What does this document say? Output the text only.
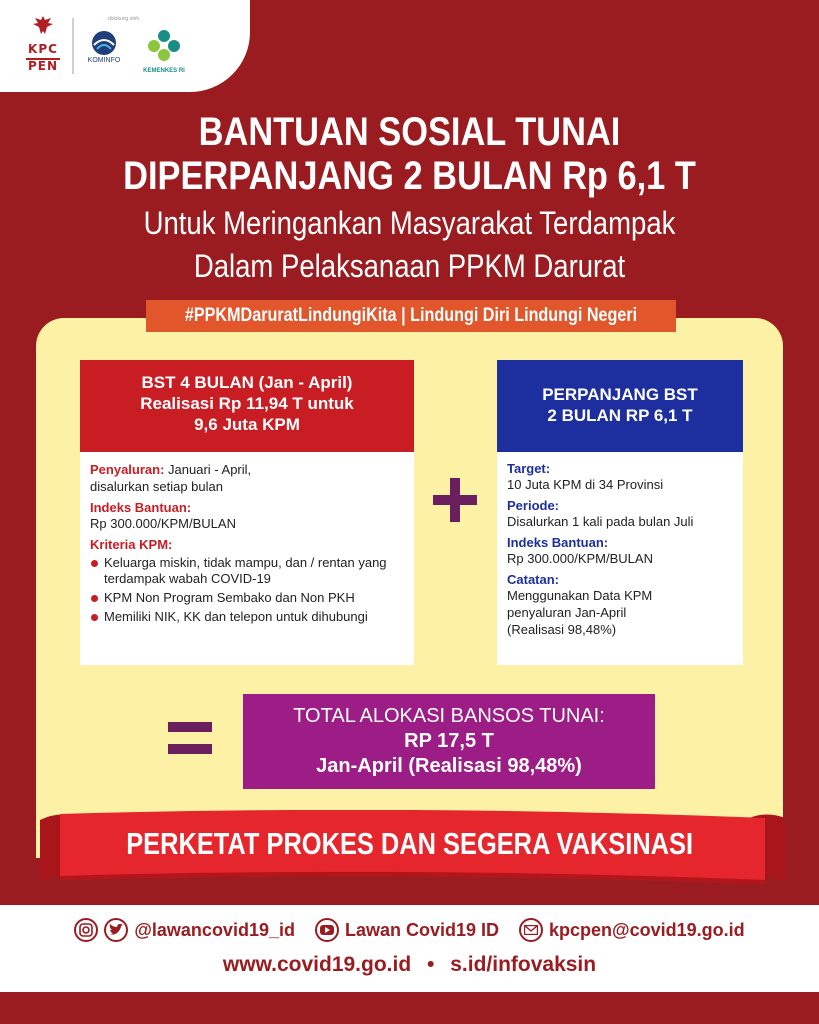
KPC
PEN
didukung oleh
KOMINFO
KEMENKES RI
BANTUAN SOSIAL TUNAI
DIPERPANJANG 2 BULAN Rp 6,1 T
Untuk Meringankan Masyarakat Terdampak
Dalam Pelaksanaan PPKM Darurat
#PPKMDaruratLindungiKita | Lindungi Diri Lindungi Negeri
BST 4 BULAN (Jan - April)
Realisasi Rp 11,94 T untuk
9,6 Juta KPM
Penyaluran: Januari - April,
disalurkan setiap bulan
Indeks Bantuan:
Rp 300.000/KPM/BULAN
Kriteria KPM:
Keluarga miskin, tidak mampu, dan / rentan yang terdampak wabah COVID-19
KPM Non Program Sembako dan Non PKH
Memiliki NIK, KK dan telepon untuk dihubungi
PERPANJANG BST
2 BULAN RP 6,1 T
Target:
10 Juta KPM di 34 Provinsi
Periode:
Disalurkan 1 kali pada bulan Juli
Indeks Bantuan:
Rp 300.000/KPM/BULAN
Catatan:
Menggunakan Data KPM
penyaluran Jan-April
(Realisasi 98,48%)
TOTAL ALOKASI BANSOS TUNAI:
RP 17,5 T
Jan-April (Realisasi 98,48%)
PERKETAT PROKES DAN SEGERA VAKSINASI
@lawancovid19_id	Lawan Covid19 ID	kpcpen@covid19.go.id
www.covid19.go.id • s.id/infovaksin
